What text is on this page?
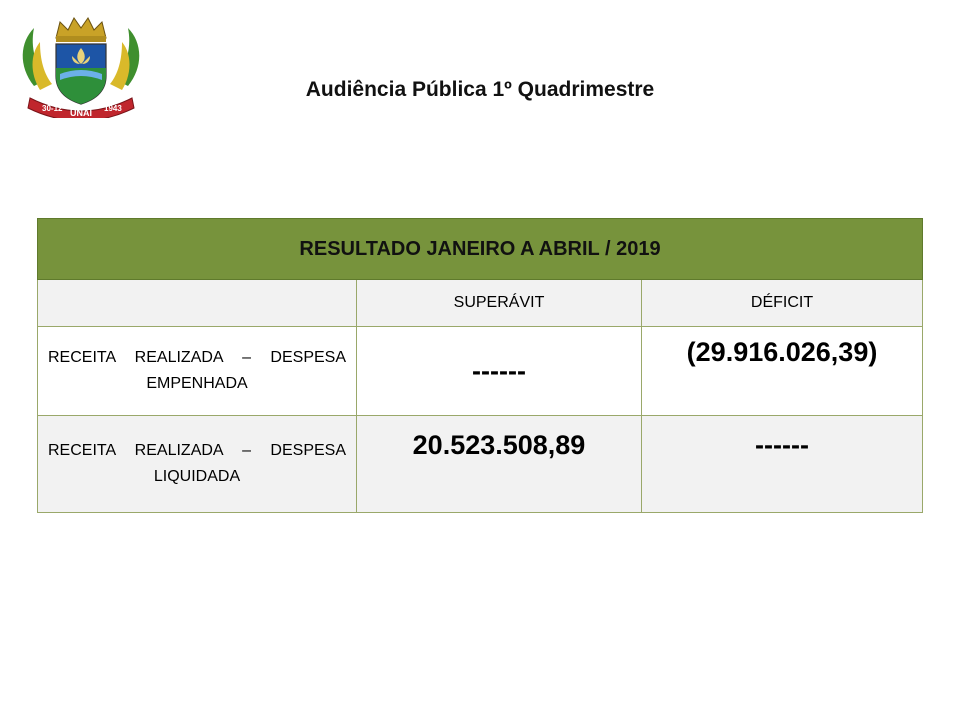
30-12 UNAÍ 1943
Audiência Pública 1º Quadrimestre
RESULTADO JANEIRO A ABRIL / 2019		
	SUPERÁVIT	DÉFICIT
RECEITA REALIZADA – DESPESA EMPENHADA	------	(29.916.026,39)
RECEITA REALIZADA – DESPESA LIQUIDADA	20.523.508,89	------
